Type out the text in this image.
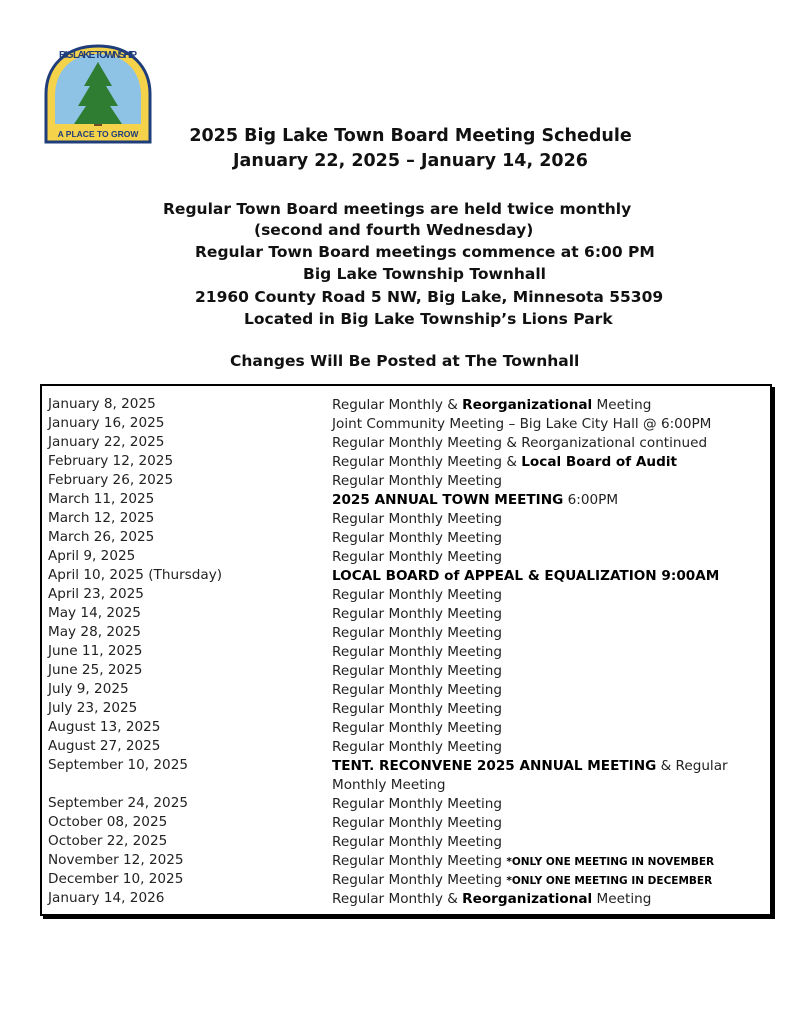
A PLACE TO GROW
BIG LAKE TOWNSHIP
2025 Big Lake Town Board Meeting Schedule
January 22, 2025 – January 14, 2026
Regular Town Board meetings are held twice monthly
(second and fourth Wednesday)
Regular Town Board meetings commence at 6:00 PM
Big Lake Township Townhall
21960 County Road 5 NW, Big Lake, Minnesota 55309
Located in Big Lake Township’s Lions Park
Changes Will Be Posted at The Townhall
January 8, 2025	Regular Monthly & Reorganizational Meeting
January 16, 2025	Joint Community Meeting – Big Lake City Hall @ 6:00PM
January 22, 2025	Regular Monthly Meeting & Reorganizational continued
February 12, 2025	Regular Monthly Meeting & Local Board of Audit
February 26, 2025	Regular Monthly Meeting
March 11, 2025	2025 ANNUAL TOWN MEETING 6:00PM
March 12, 2025	Regular Monthly Meeting
March 26, 2025	Regular Monthly Meeting
April 9, 2025	Regular Monthly Meeting
April 10, 2025 (Thursday)	LOCAL BOARD of APPEAL & EQUALIZATION 9:00AM
April 23, 2025	Regular Monthly Meeting
May 14, 2025	Regular Monthly Meeting
May 28, 2025	Regular Monthly Meeting
June 11, 2025	Regular Monthly Meeting
June 25, 2025	Regular Monthly Meeting
July 9, 2025	Regular Monthly Meeting
July 23, 2025	Regular Monthly Meeting
August 13, 2025	Regular Monthly Meeting
August 27, 2025	Regular Monthly Meeting
September 10, 2025	TENT. RECONVENE 2025 ANNUAL MEETING & Regular Monthly Meeting
September 24, 2025	Regular Monthly Meeting
October 08, 2025	Regular Monthly Meeting
October 22, 2025	Regular Monthly Meeting
November 12, 2025	Regular Monthly Meeting *ONLY ONE MEETING IN NOVEMBER
December 10, 2025	Regular Monthly Meeting *ONLY ONE MEETING IN DECEMBER
January 14, 2026	Regular Monthly & Reorganizational Meeting
